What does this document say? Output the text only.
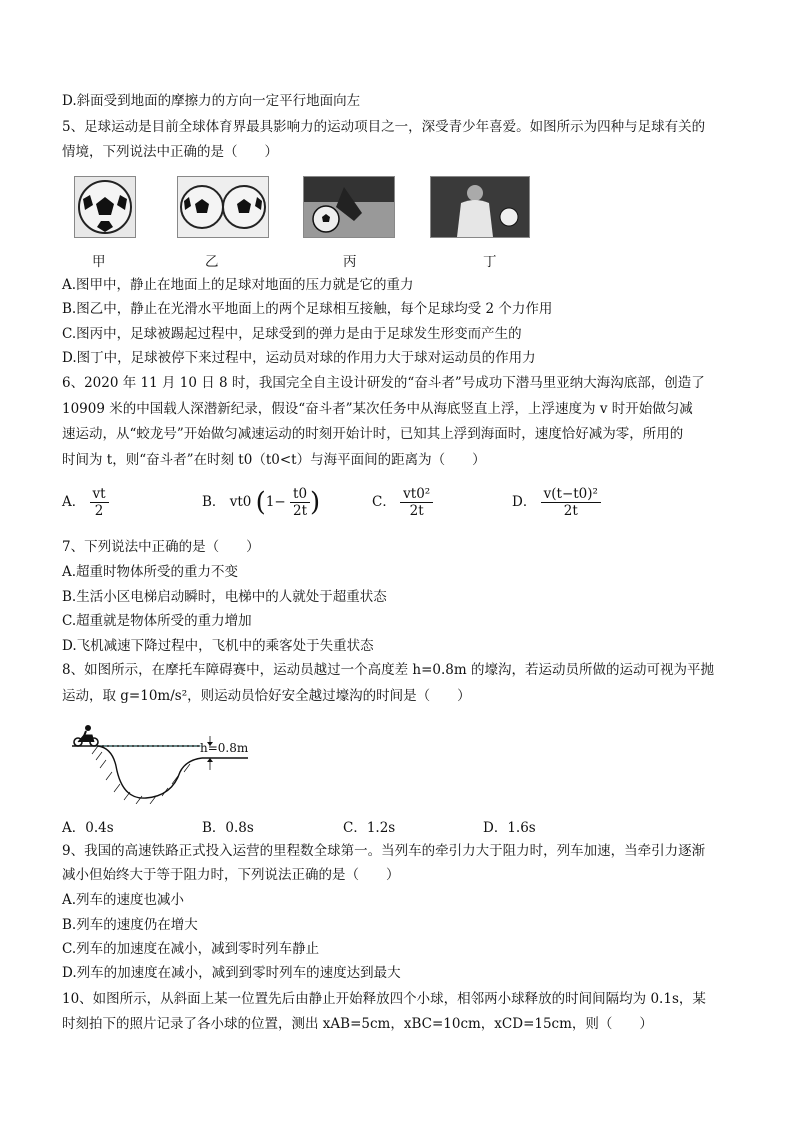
D.斜面受到地面的摩擦力的方向一定平行地面向左
5、足球运动是目前全球体育界最具影响力的运动项目之一，深受青少年喜爱。如图所示为四种与足球有关的
情境，下列说法中正确的是（　　）
甲	乙	丙	丁
A.图甲中，静止在地面上的足球对地面的压力就是它的重力
B.图乙中，静止在光滑水平地面上的两个足球相互接触，每个足球均受 2 个力作用
C.图丙中，足球被踢起过程中，足球受到的弹力是由于足球发生形变而产生的
D.图丁中，足球被停下来过程中，运动员对球的作用力大于球对运动员的作用力
6、2020 年 11 月 10 日 8 时，我国完全自主设计研发的“奋斗者”号成功下潜马里亚纳大海沟底部，创造了
10909 米的中国载人深潜新纪录，假设“奋斗者”某次任务中从海底竖直上浮，上浮速度为 v 时开始做匀减
速运动，从“蛟龙号”开始做匀减速运动的时刻开始计时，已知其上浮到海面时，速度恰好减为零，所用的
时间为 t，则“奋斗者”在时刻 t0（t0<t）与海平面间的距离为（　　）
A． $\frac{vt}{2}$	B． vt0 ($1- \frac{t0}{2t}$ )	C． $\frac{\text{vt0²}}{2t}$	D． $\frac{\text{v(t−t0)²}}{2t}$
7、下列说法中正确的是（　　）
A.超重时物体所受的重力不变
B.生活小区电梯启动瞬时，电梯中的人就处于超重状态
C.超重就是物体所受的重力增加
D.飞机减速下降过程中，飞机中的乘客处于失重状态
8、如图所示，在摩托车障碍赛中，运动员越过一个高度差 h=0.8m 的壕沟，若运动员所做的运动可视为平抛
运动，取 g=10m/s²，则运动员恰好安全越过壕沟的时间是（　　）
h=0.8m
A．0.4s	B．0.8s	C．1.2s	D．1.6s
9、我国的高速铁路正式投入运营的里程数全球第一。当列车的牵引力大于阻力时，列车加速，当牵引力逐渐
减小但始终大于等于阻力时，下列说法正确的是（　　）
A.列车的速度也减小
B.列车的速度仍在增大
C.列车的加速度在减小，减到零时列车静止
D.列车的加速度在减小，减到到零时列车的速度达到最大
10、如图所示，从斜面上某一位置先后由静止开始释放四个小球，相邻两小球释放的时间间隔均为 0.1s，某
时刻拍下的照片记录了各小球的位置，测出 xAB=5cm，xBC=10cm，xCD=15cm，则（　　）
